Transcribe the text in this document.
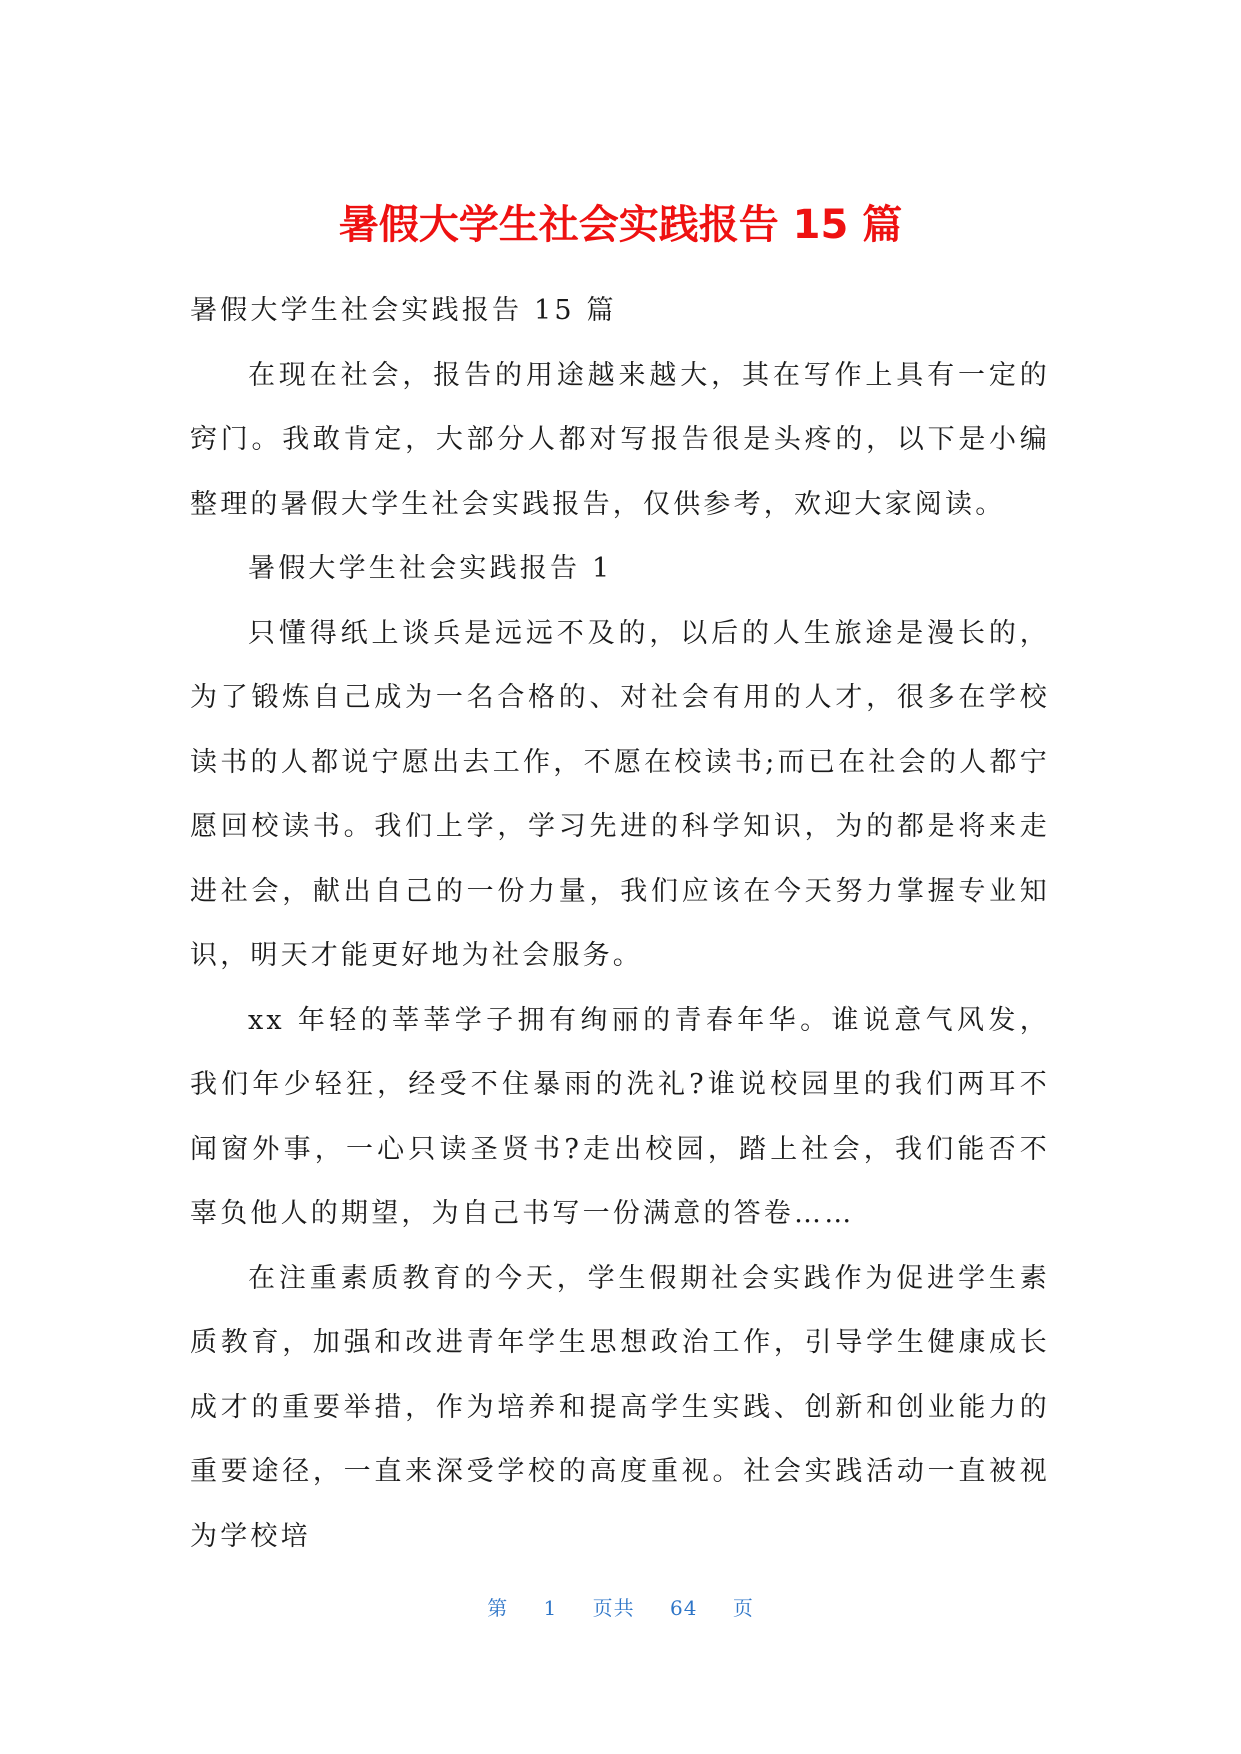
暑假大学生社会实践报告 15 篇

暑假大学生社会实践报告 15 篇

在现在社会，报告的用途越来越大，其在写作上具有一定的窍门。我敢肯定，大部分人都对写报告很是头疼的，以下是小编整理的暑假大学生社会实践报告，仅供参考，欢迎大家阅读。

暑假大学生社会实践报告 1

只懂得纸上谈兵是远远不及的，以后的人生旅途是漫长的，为了锻炼自己成为一名合格的、对社会有用的人才，很多在学校读书的人都说宁愿出去工作，不愿在校读书;而已在社会的人都宁愿回校读书。我们上学，学习先进的科学知识，为的都是将来走进社会，献出自己的一份力量，我们应该在今天努力掌握专业知识，明天才能更好地为社会服务。

xx 年轻的莘莘学子拥有绚丽的青春年华。谁说意气风发，我们年少轻狂，经受不住暴雨的洗礼?谁说校园里的我们两耳不闻窗外事，一心只读圣贤书?走出校园，踏上社会，我们能否不辜负他人的期望，为自己书写一份满意的答卷……

在注重素质教育的今天，学生假期社会实践作为促进学生素质教育，加强和改进青年学生思想政治工作，引导学生健康成长成才的重要举措，作为培养和提高学生实践、创新和创业能力的重要途径，一直来深受学校的高度重视。社会实践活动一直被视为学校培

第 1 页共 64 页
